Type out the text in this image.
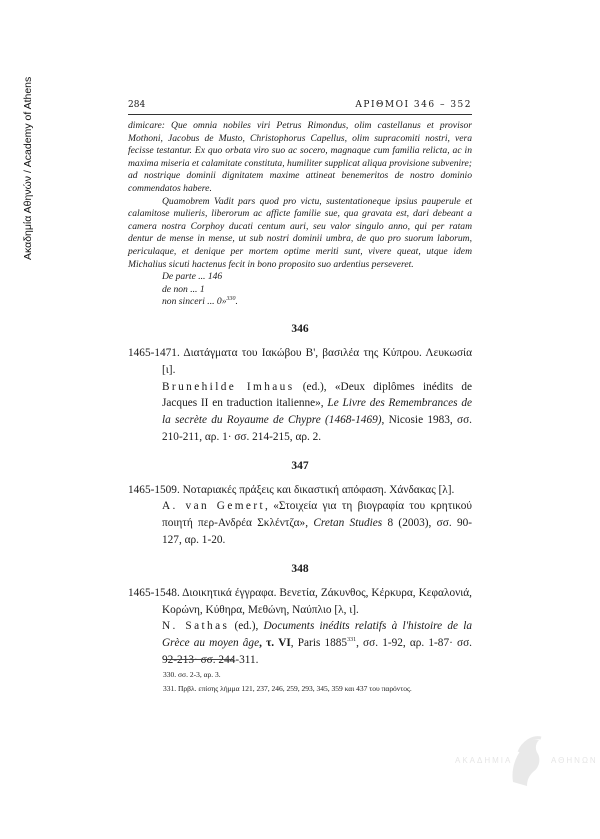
Ακαδημία Αθηνών / Academy of Athens	284	ΑΡΙΘΜΟΙ 346 – 352

dimicare: Que omnia nobiles viri Petrus Rimondus, olim castellanus et provisor Mothoni, Jacobus de Musto, Christophorus Capellus, olim supracomiti nostri, vera fecisse testantur. Ex quo orbata viro suo ac socero, magnaque cum familia relicta, ac in maxima miseria et calamitate constituta, humiliter supplicat aliqua provisione subvenire; ad nostrique dominii dignitatem maxime attineat benemeritos de nostro dominio commendatos habere.

Quamobrem Vadit pars quod pro victu, sustentationeque ipsius pauperule et calamitose mulieris, liberorum ac afficte familie sue, qua gravata est, dari debeant a camera nostra Corphoy ducati centum auri, seu valor singulo anno, qui per ratam dentur de mense in mense, ut sub nostri dominii umbra, de quo pro suorum laborum, periculaque, et denique per mortem optime meriti sunt, vivere queat, utque idem Michalius sicuti hactenus fecit in bono proposito suo ardentius perseveret.

De parte ... 146
de non ... 1
non sinceri ... 0»$^{330}$.
346

1465-1471. Διατάγματα του Ιακώβου Β', βασιλέα της Κύπρου. Λευκωσία [ι].

Brunehilde Imhaus (ed.), «Deux diplômes inédits de Jacques II en traduction italienne», Le Livre des Remembrances de la secrète du Royaume de Chypre (1468-1469), Nicosie 1983, σσ. 210-211, αρ. 1· σσ. 214-215, αρ. 2.

347

1465-1509. Νοταριακές πράξεις και δικαστική απόφαση. Χάνδακας [λ].

A. van Gemert, «Στοιχεία για τη βιογραφία του κρητικού ποιητή περ-Ανδρέα Σκλέντζα», Cretan Studies 8 (2003), σσ. 90-127, αρ. 1-20.

348

1465-1548. Διοικητικά έγγραφα. Βενετία, Ζάκυνθος, Κέρκυρα, Κεφαλονιά, Κορώνη, Κύθηρα, Μεθώνη, Ναύπλιο [λ, ι].

N. Sathas (ed.), Documents inédits relatifs à l'histoire de la Grèce au moyen âge, τ. VI, Paris 1885$^{331}$, σσ. 1-92, αρ. 1-87· σσ. 92-213· σσ. 244-311.

330. σσ. 2-3, αρ. 3.
331. Πρβλ. επίσης λήμμα 121, 237, 246, 259, 293, 345, 359 και 437 του παρόντος.
ΑΚΑΔΗΜΙΑ	ΑΘΗΝΩΝ
